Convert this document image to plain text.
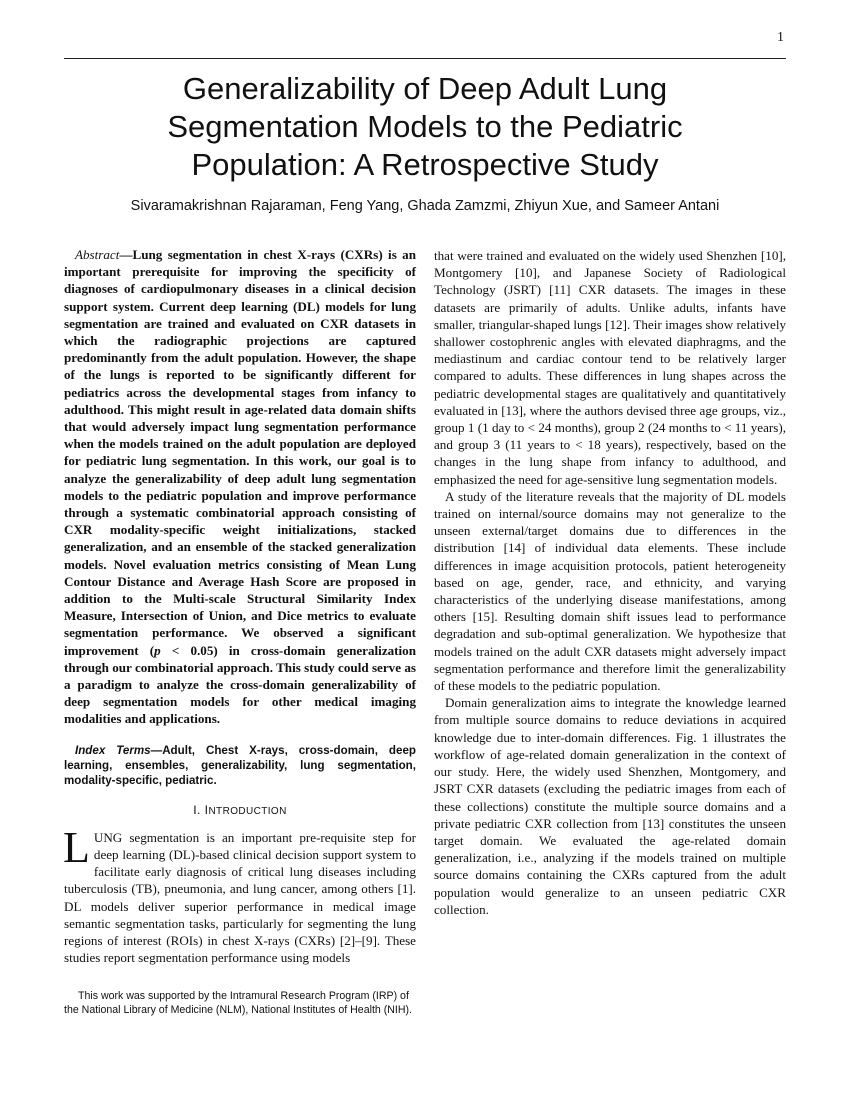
1
Generalizability of Deep Adult Lung
Segmentation Models to the Pediatric
Population: A Retrospective Study
Sivaramakrishnan Rajaraman, Feng Yang, Ghada Zamzmi, Zhiyun Xue, and Sameer Antani

Abstract—Lung segmentation in chest X-rays (CXRs) is an important prerequisite for improving the specificity of diagnoses of cardiopulmonary diseases in a clinical decision support system. Current deep learning (DL) models for lung segmentation are trained and evaluated on CXR datasets in which the radiographic projections are captured predominantly from the adult population. However, the shape of the lungs is reported to be significantly different for pediatrics across the developmental stages from infancy to adulthood. This might result in age-related data domain shifts that would adversely impact lung segmentation performance when the models trained on the adult population are deployed for pediatric lung segmentation. In this work, our goal is to analyze the generalizability of deep adult lung segmentation models to the pediatric population and improve performance through a systematic combinatorial approach consisting of CXR modality-specific weight initializations, stacked generalization, and an ensemble of the stacked generalization models. Novel evaluation metrics consisting of Mean Lung Contour Distance and Average Hash Score are proposed in addition to the Multi-scale Structural Similarity Index Measure, Intersection of Union, and Dice metrics to evaluate segmentation performance. We observed a significant improvement (p < 0.05) in cross-domain generalization through our combinatorial approach. This study could serve as a paradigm to analyze the cross-domain generalizability of deep segmentation models for other medical imaging modalities and applications.

Index Terms—Adult, Chest X-rays, cross-domain, deep learning, ensembles, generalizability, lung segmentation, modality-specific, pediatric.

I. INTRODUCTION

LUNG segmentation is an important pre-requisite step for deep learning (DL)-based clinical decision support system to facilitate early diagnosis of critical lung diseases including tuberculosis (TB), pneumonia, and lung cancer, among others [1]. DL models deliver superior performance in medical image semantic segmentation tasks, particularly for segmenting the lung regions of interest (ROIs) in chest X-rays (CXRs) [2]–[9]. These studies report segmentation performance using models

that were trained and evaluated on the widely used Shenzhen [10], Montgomery [10], and Japanese Society of Radiological Technology (JSRT) [11] CXR datasets. The images in these datasets are primarily of adults. Unlike adults, infants have smaller, triangular-shaped lungs [12]. Their images show relatively shallower costophrenic angles with elevated diaphragms, and the mediastinum and cardiac contour tend to be relatively larger compared to adults. These differences in lung shapes across the pediatric developmental stages are qualitatively and quantitatively evaluated in [13], where the authors devised three age groups, viz., group 1 (1 day to < 24 months), group 2 (24 months to < 11 years), and group 3 (11 years to < 18 years), respectively, based on the changes in the lung shape from infancy to adulthood, and emphasized the need for age-sensitive lung segmentation models.

A study of the literature reveals that the majority of DL models trained on internal/source domains may not generalize to the unseen external/target domains due to differences in the distribution [14] of individual data elements. These include differences in image acquisition protocols, patient heterogeneity based on age, gender, race, and ethnicity, and varying characteristics of the underlying disease manifestations, among others [15]. Resulting domain shift issues lead to performance degradation and sub-optimal generalization. We hypothesize that models trained on the adult CXR datasets might adversely impact segmentation performance and therefore limit the generalizability of these models to the pediatric population.

Domain generalization aims to integrate the knowledge learned from multiple source domains to reduce deviations in acquired knowledge due to inter-domain differences. Fig. 1 illustrates the workflow of age-related domain generalization in the context of our study. Here, the widely used Shenzhen, Montgomery, and JSRT CXR datasets (excluding the pediatric images from each of these collections) constitute the multiple source domains and a private pediatric CXR collection from [13] constitutes the unseen target domain. We evaluated the age-related domain generalization, i.e., analyzing if the models trained on multiple source domains containing the CXRs captured from the adult population would generalize to an unseen pediatric CXR collection.

This work was supported by the Intramural Research Program (IRP) of the National Library of Medicine (NLM), National Institutes of Health (NIH).
